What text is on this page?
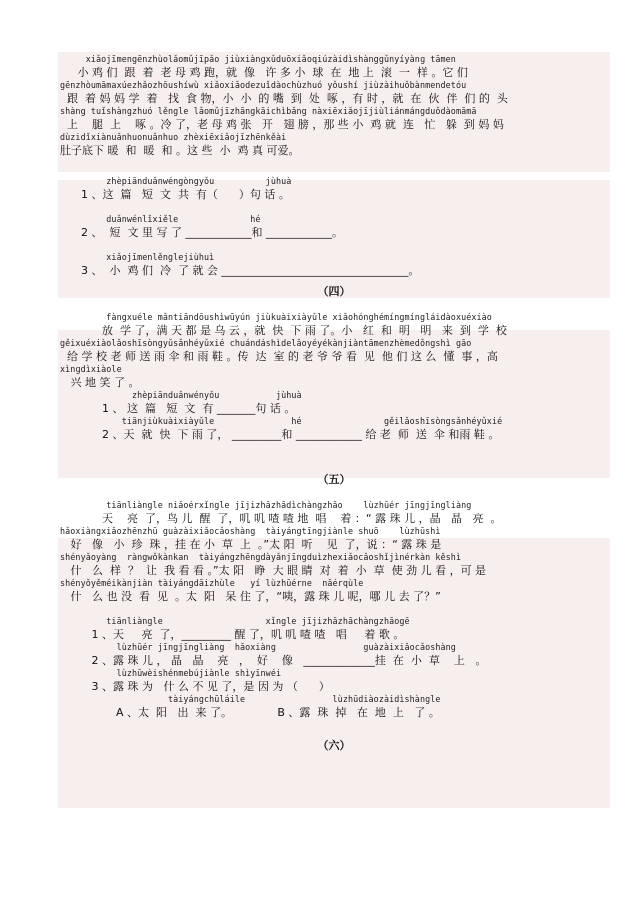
xiǎojīmengēnzhùolǎomǔjīpǎo jiùxiànɡxǔduōxiǎoqiúzàidìshànggǔnyíyànɡ tāmen
小 鸡 们  跟  着  老 母 鸡 跑，就  像   许 多 小  球  在  地 上  滚  一  样 。它 们
gēnzhòumāmaxúezhǎozhōushíwù xiǎoxiǎodezuǐdàochùzhuó yǒushí jiùzàihuǒbànmendetóu
跟  着 妈 妈 学  着   找  食 物，小  小  的 嘴  到  处  啄 ，有 时 ，就  在  伙  伴  们 的  头
shàng tuǐshàngzhuó lěngle lǎomǔjīzhāngkāichìbǎng nàxiēxiǎojījiùliánmángduǒdàomāmā
上    腿  上    啄 。冷 了，老 母 鸡 张   开   翅 膀 ，那 些 小  鸡 就  连   忙   躲  到 妈 妈
dùzidǐxiànuǎnhuonuǎnhuo zhèxiēxiǎojīzhēnkěài
肚子底下 暖  和  暖  和 。这 些  小  鸡 真 可爱。
zhèpiānduǎnwéngòngyǒu          jùhuà
1 、这  篇   短  文  共  有（      ）句 话 。
duǎnwénlǐxiěle              hé
2 、  短  文 里 写 了 ____________和 ____________。
xiǎojīmenlěnglejiùhuì
3 、  小  鸡 们  冷  了 就 会 __________________________________。
（四）
fàngxuéle mǎntiāndōushìwūyún jiùkuàixiàyǔle xiǎohónghémíngmíngláidàoxuéxiào
放  学 了，满 天 都 是 乌 云 ，就  快  下 雨 了。小   红  和  明   明   来  到  学  校
gěixuéxiàolǎoshīsòngyǔsǎnhéyǔxié chuándáshìdelǎoyéyékànjiàntāmenzhèmedǒngshì gāo
给 学 校 老 师 送 雨 伞 和 雨 鞋 。传  达  室 的 老 爷 爷 看  见  他 们 这 么  懂  事 ，高
xìnɡdìxiàole
兴 地 笑 了 。
zhèpiānduǎnwényǒu           jùhuà
1 、 这  篇   短  文  有 _______句 话 。
tiānjiùkuàixiàyǔle               hé                gěilǎoshīsòngsǎnhéyǔxié
2 、天  就  快  下 雨 了， _________和 ____________ 给 老  师  送  伞 和雨 鞋 。
（五）
tiānliàngle niǎoérxǐngle jījizhāzhādìchàngzhāo    lùzhūér jīngjīngliàng
天    亮  了，鸟 儿  醒  了，叽 叽 喳 喳 地  唱    着 ：“ 露 珠 儿 ，晶   晶   亮  。
hǎoxiàngxiǎozhēnzhū guàzàixiǎocǎoshàng  tàiyángtīngjiànle shuō    lùzhūshì
好   像   小  珍  珠 ，挂 在 小  草  上  。”太 阳  听    见  了，说 ：“ 露 珠 是
shényǎoyàng  ràngwǒkànkan  tàiyángzhēngdàyǎnjīngduìzhexiǎocǎoshǐjìnérkàn kěshì
什   么  样  ？  让  我 看 看 。”太 阳   睁  大 眼 睛  对  着  小  草  使 劲 儿 看 ，可 是
shényǒyěméikànjiàn tàiyángdāizhùle   yí lùzhūérne  nǎérqùle
什   么 也 没  看  见  。太  阳   呆 住 了，“咦，露 珠 儿 呢，哪 儿 去 了？”
tiānliàngle                    xǐngle jījizhāzhāchàngzhāogē
1 、天     亮  了，_________ 醒 了，叽 叽 喳 喳   唱     着 歌 。
lùzhūér jīngjīngliàng  hǎoxiàng                 guàzàixiǎocǎoshàng
2 、露 珠 儿 ， 晶   晶    亮   ，  好    像   _____________挂  在  小  草    上   。
lùzhūwèishénmebújiànle shìyīnwéi
3 、露 珠 为   什 么 不 见 了，是 因 为 （      ）
tàiyángchūláile                 lùzhūdiàozàidìshàngle
A 、太  阳   出  来 了。             B 、露  珠  掉   在  地  上   了 。
（六）
